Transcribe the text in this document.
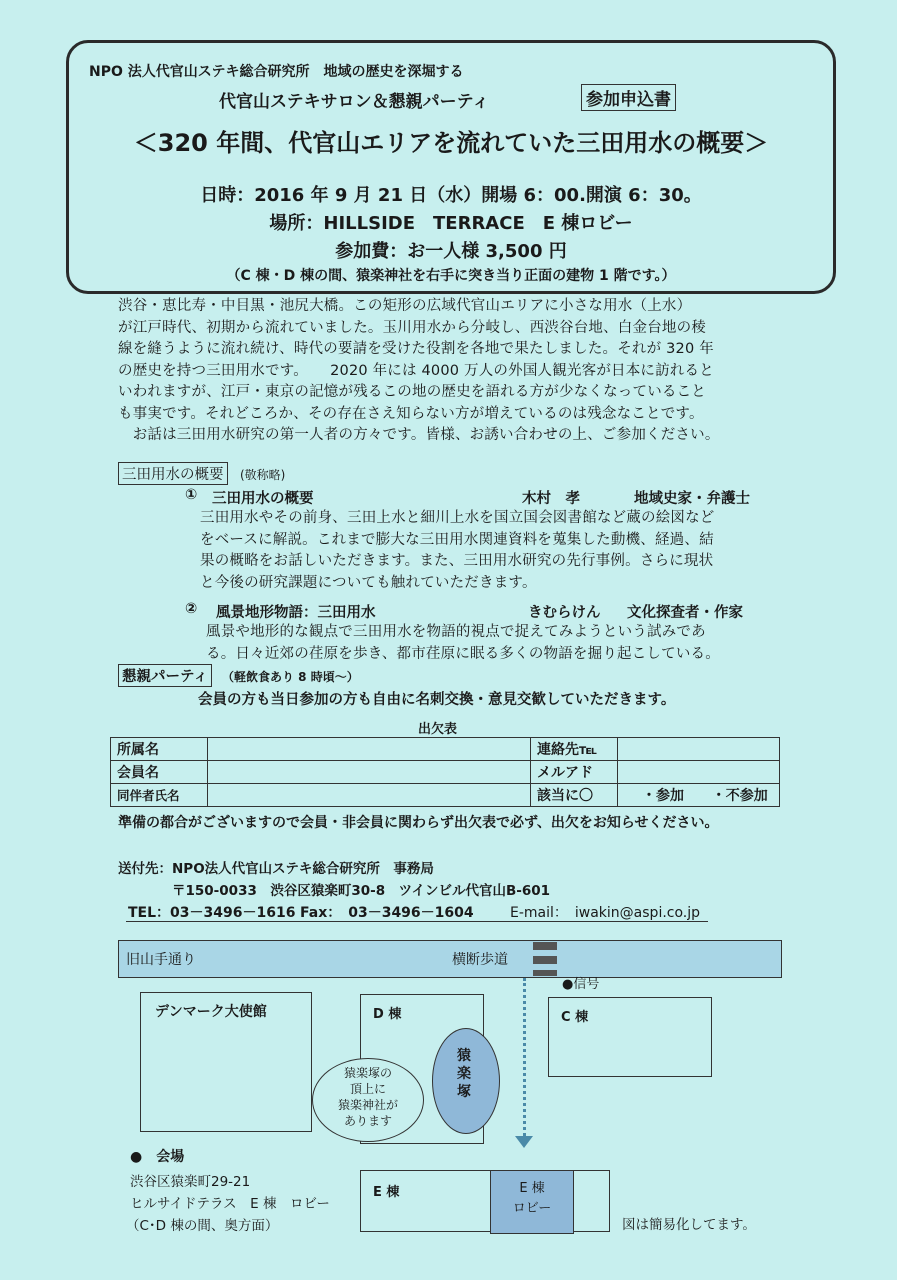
NPO 法人代官山ステキ総合研究所　地域の歴史を深堀する
代官山ステキサロン＆懇親パーティ	参加申込書
＜320 年間、代官山エリアを流れていた三田用水の概要＞
日時：2016 年 9 月 21 日（水）開場 6：00.開演 6：30。
場所：HILLSIDE　TERRACE　E 棟ロビー
参加費：お一人様 3,500 円
（C 棟・D 棟の間、猿楽神社を右手に突き当り正面の建物 1 階です。）
渋谷・恵比寿・中目黒・池尻大橋。この矩形の広域代官山エリアに小さな用水（上水）
が江戸時代、初期から流れていました。玉川用水から分岐し、西渋谷台地、白金台地の稜
線を縫うように流れ続け、時代の要請を受けた役割を各地で果たしました。それが 320 年
の歴史を持つ三田用水です。　　2020 年には 4000 万人の外国人観光客が日本に訪れると
いわれますが、江戸・東京の記憶が残るこの地の歴史を語れる方が少なくなっていること
も事実です。それどころか、その存在さえ知らない方が増えているのは残念なことです。
　お話は三田用水研究の第一人者の方々です。皆様、お誘い合わせの上、ご参加ください。
三田用水の概要	(敬称略)
① 三田用水の概要	木村　孝	地域史家・弁護士
三田用水やその前身、三田上水と細川上水を国立国会図書館など蔵の絵図など
をベースに解説。これまで膨大な三田用水関連資料を蒐集した動機、経過、結
果の概略をお話しいただきます。また、三田用水研究の先行事例。さらに現状
と今後の研究課題についても触れていただきます。
② 風景地形物語：三田用水	きむらけん 文化探査者・作家
風景や地形的な観点で三田用水を物語的視点で捉えてみようという試みであ
る。日々近郊の荏原を歩き、都市荏原に眠る多くの物語を掘り起こしている。
懇親パーティ	（軽飲食あり 8 時頃～）
会員の方も当日参加の方も自由に名刺交換・意見交歓していただきます。
出欠表
所属名		連絡先℡	
会員名		メルアド	
同伴者氏名		該当に〇	・参加 ・不参加
準備の都合がございますので会員・非会員に関わらず出欠表で必ず、出欠をお知らせください。
送付先：NPO法人代官山ステキ総合研究所　事務局
〒150-0033　渋谷区猿楽町30-8　ツインビル代官山B-601
TEL：03－3496－1616 Fax：　03－3496－1604	E-mail：　iwakin@aspi.co.jp
旧山手通り	横断歩道
●信号
デンマーク大使館	D 棟	C 棟
猿楽塚
猿楽塚の
頂上に
猿楽神社が
あります
E 棟	E 棟
ロビー
●　会場
渋谷区猿楽町29-21
ヒルサイドテラス　E 棟　ロビー
（C･D 棟の間、奥方面）	図は簡易化してます。
